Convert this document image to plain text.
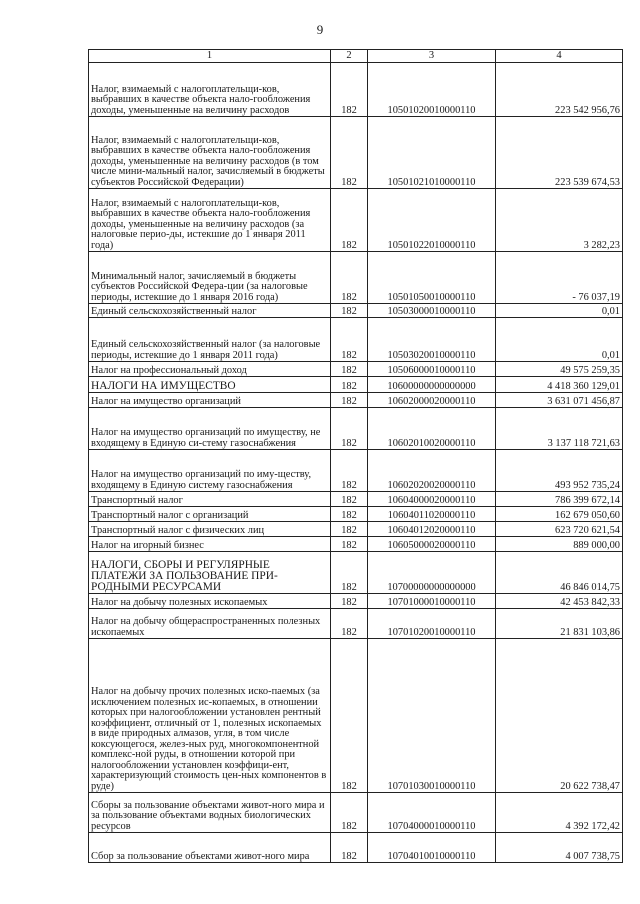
9
1	2	3	4
Налог, взимаемый с налогоплательщи-ков, выбравших в качестве объекта нало-гообложения доходы, уменьшенные на величину расходов	182	10501020010000110	223 542 956,76
Налог, взимаемый с налогоплательщи-ков, выбравших в качестве объекта нало-гообложения доходы, уменьшенные на величину расходов (в том числе мини-мальный налог, зачисляемый в бюджеты субъектов Российской Федерации)	182	10501021010000110	223 539 674,53
Налог, взимаемый с налогоплательщи-ков, выбравших в качестве объекта нало-гообложения доходы, уменьшенные на величину расходов (за налоговые перио-ды, истекшие до 1 января 2011 года)	182	10501022010000110	3 282,23
Минимальный налог, зачисляемый в бюджеты субъектов Российской Федера-ции (за налоговые периоды, истекшие до 1 января 2016 года)	182	10501050010000110	- 76 037,19
Единый сельскохозяйственный налог	182	10503000010000110	0,01
Единый сельскохозяйственный налог (за налоговые периоды, истекшие до 1 января 2011 года)	182	10503020010000110	0,01
Налог на профессиональный доход	182	10506000010000110	49 575 259,35
НАЛОГИ НА ИМУЩЕСТВО	182	10600000000000000	4 418 360 129,01
Налог на имущество организаций	182	10602000020000110	3 631 071 456,87
Налог на имущество организаций по имуществу, не входящему в Единую си-стему газоснабжения	182	10602010020000110	3 137 118 721,63
Налог на имущество организаций по иму-ществу, входящему в Единую систему газоснабжения	182	10602020020000110	493 952 735,24
Транспортный налог	182	10604000020000110	786 399 672,14
Транспортный налог с организаций	182	10604011020000110	162 679 050,60
Транспортный налог с физических лиц	182	10604012020000110	623 720 621,54
Налог на игорный бизнес	182	10605000020000110	889 000,00
НАЛОГИ, СБОРЫ И РЕГУЛЯРНЫЕ ПЛАТЕЖИ ЗА ПОЛЬЗОВАНИЕ ПРИ-РОДНЫМИ РЕСУРСАМИ	182	10700000000000000	46 846 014,75
Налог на добычу полезных ископаемых	182	10701000010000110	42 453 842,33
Налог на добычу общераспространенных полезных ископаемых	182	10701020010000110	21 831 103,86
Налог на добычу прочих полезных иско-паемых (за исключением полезных ис-копаемых, в отношении которых при налогообложении установлен рентный коэффициент, отличный от 1, полезных ископаемых в виде природных алмазов, угля, в том числе коксующегося, желез-ных руд, многокомпонентной комплекс-ной руды, в отношении которой при налогообложении установлен коэффици-ент, характеризующий стоимость цен-ных компонентов в руде)	182	10701030010000110	20 622 738,47
Сборы за пользование объектами живот-ного мира и за пользование объектами водных биологических ресурсов	182	10704000010000110	4 392 172,42
Сбор за пользование объектами живот-ного мира	182	10704010010000110	4 007 738,75
